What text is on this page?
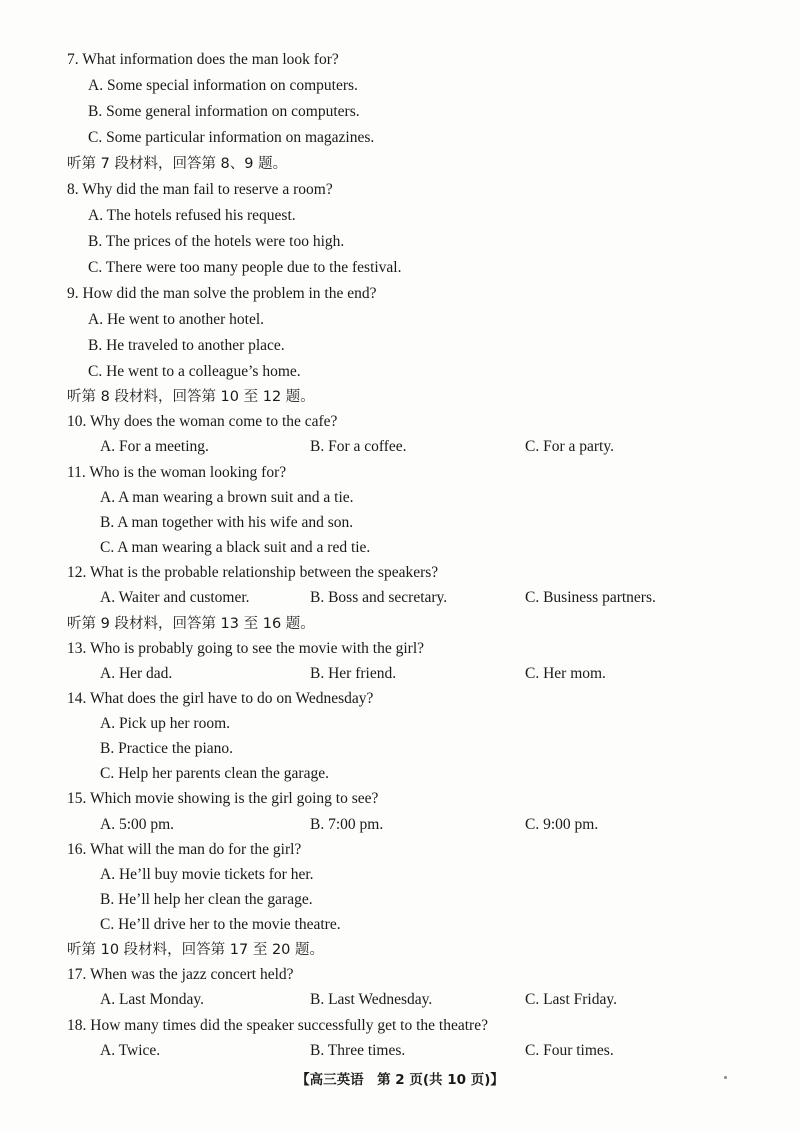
7. What information does the man look for?
A. Some special information on computers.
B. Some general information on computers.
C. Some particular information on magazines.
听第 7 段材料，回答第 8、9 题。
8. Why did the man fail to reserve a room?
A. The hotels refused his request.
B. The prices of the hotels were too high.
C. There were too many people due to the festival.
9. How did the man solve the problem in the end?
A. He went to another hotel.
B. He traveled to another place.
C. He went to a colleague’s home.
听第 8 段材料，回答第 10 至 12 题。
10. Why does the woman come to the cafe?
A. For a meeting.	B. For a coffee.	C. For a party.
11. Who is the woman looking for?
A. A man wearing a brown suit and a tie.
B. A man together with his wife and son.
C. A man wearing a black suit and a red tie.
12. What is the probable relationship between the speakers?
A. Waiter and customer.	B. Boss and secretary.	C. Business partners.
听第 9 段材料，回答第 13 至 16 题。
13. Who is probably going to see the movie with the girl?
A. Her dad.	B. Her friend.	C. Her mom.
14. What does the girl have to do on Wednesday?
A. Pick up her room.
B. Practice the piano.
C. Help her parents clean the garage.
15. Which movie showing is the girl going to see?
A. 5:00 pm.	B. 7:00 pm.	C. 9:00 pm.
16. What will the man do for the girl?
A. He’ll buy movie tickets for her.
B. He’ll help her clean the garage.
C. He’ll drive her to the movie theatre.
听第 10 段材料，回答第 17 至 20 题。
17. When was the jazz concert held?
A. Last Monday.	B. Last Wednesday.	C. Last Friday.
18. How many times did the speaker successfully get to the theatre?
A. Twice.	B. Three times.	C. Four times.
【高三英语　第 2 页(共 10 页)】
